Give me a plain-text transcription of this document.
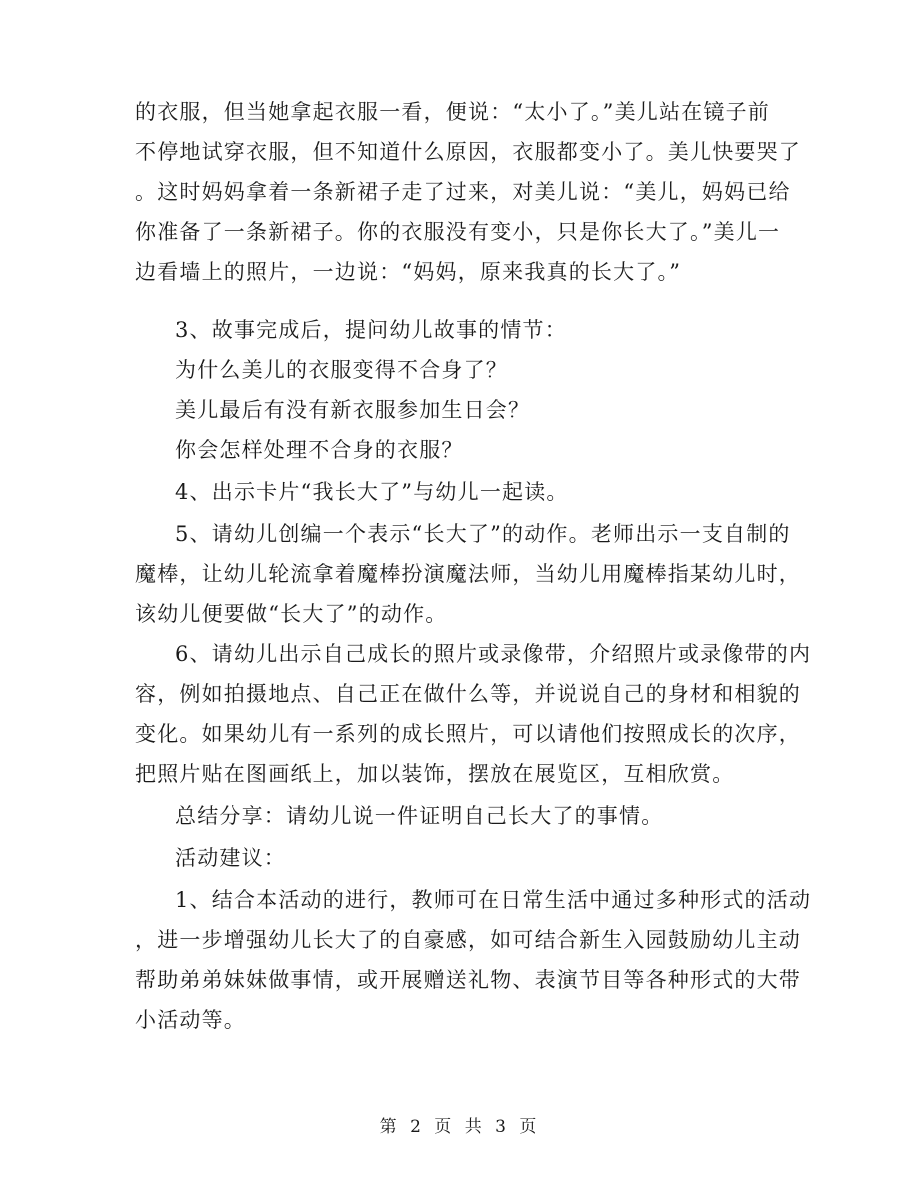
的衣服，但当她拿起衣服一看，便说：“太小了。”美儿站在镜子前
不停地试穿衣服，但不知道什么原因，衣服都变小了。美儿快要哭了
。这时妈妈拿着一条新裙子走了过来，对美儿说：“美儿，妈妈已给
你准备了一条新裙子。你的衣服没有变小，只是你长大了。”美儿一
边看墙上的照片，一边说：“妈妈，原来我真的长大了。”
3、故事完成后，提问幼儿故事的情节：
为什么美儿的衣服变得不合身了？
美儿最后有没有新衣服参加生日会？
你会怎样处理不合身的衣服？
4、出示卡片“我长大了”与幼儿一起读。
5、请幼儿创编一个表示“长大了”的动作。老师出示一支自制的
魔棒，让幼儿轮流拿着魔棒扮演魔法师，当幼儿用魔棒指某幼儿时，
该幼儿便要做“长大了”的动作。
6、请幼儿出示自己成长的照片或录像带，介绍照片或录像带的内
容，例如拍摄地点、自己正在做什么等，并说说自己的身材和相貌的
变化。如果幼儿有一系列的成长照片，可以请他们按照成长的次序，
把照片贴在图画纸上，加以装饰，摆放在展览区，互相欣赏。
总结分享：请幼儿说一件证明自己长大了的事情。
活动建议：
1、结合本活动的进行，教师可在日常生活中通过多种形式的活动
，进一步增强幼儿长大了的自豪感，如可结合新生入园鼓励幼儿主动
帮助弟弟妹妹做事情，或开展赠送礼物、表演节目等各种形式的大带
小活动等。
第 2 页 共 3 页
